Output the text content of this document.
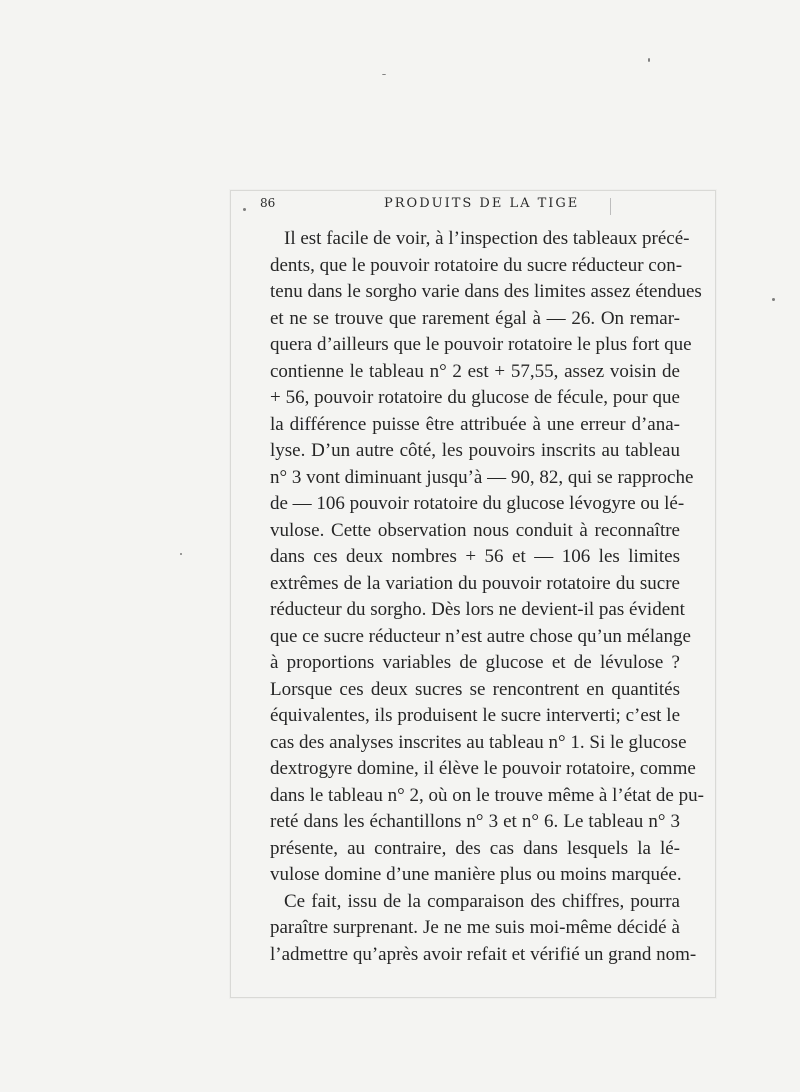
86	PRODUITS DE LA TIGE
Il est facile de voir, à l’inspection des tableaux précé-
dents, que le pouvoir rotatoire du sucre réducteur con-
tenu dans le sorgho varie dans des limites assez étendues
et ne se trouve que rarement égal à — 26. On remar-
quera d’ailleurs que le pouvoir rotatoire le plus fort que
contienne le tableau n° 2 est + 57,55, assez voisin de
+ 56, pouvoir rotatoire du glucose de fécule, pour que
la différence puisse être attribuée à une erreur d’ana-
lyse. D’un autre côté, les pouvoirs inscrits au tableau
n° 3 vont diminuant jusqu’à — 90, 82, qui se rapproche
de — 106 pouvoir rotatoire du glucose lévogyre ou lé-
vulose. Cette observation nous conduit à reconnaître
dans ces deux nombres + 56 et — 106 les limites
extrêmes de la variation du pouvoir rotatoire du sucre
réducteur du sorgho. Dès lors ne devient-il pas évident
que ce sucre réducteur n’est autre chose qu’un mélange
à proportions variables de glucose et de lévulose ?
Lorsque ces deux sucres se rencontrent en quantités
équivalentes, ils produisent le sucre interverti; c’est le
cas des analyses inscrites au tableau n° 1. Si le glucose
dextrogyre domine, il élève le pouvoir rotatoire, comme
dans le tableau n° 2, où on le trouve même à l’état de pu-
reté dans les échantillons n° 3 et n° 6. Le tableau n° 3
présente, au contraire, des cas dans lesquels la lé-
vulose domine d’une manière plus ou moins marquée.
Ce fait, issu de la comparaison des chiffres, pourra
paraître surprenant. Je ne me suis moi-même décidé à
l’admettre qu’après avoir refait et vérifié un grand nom-
